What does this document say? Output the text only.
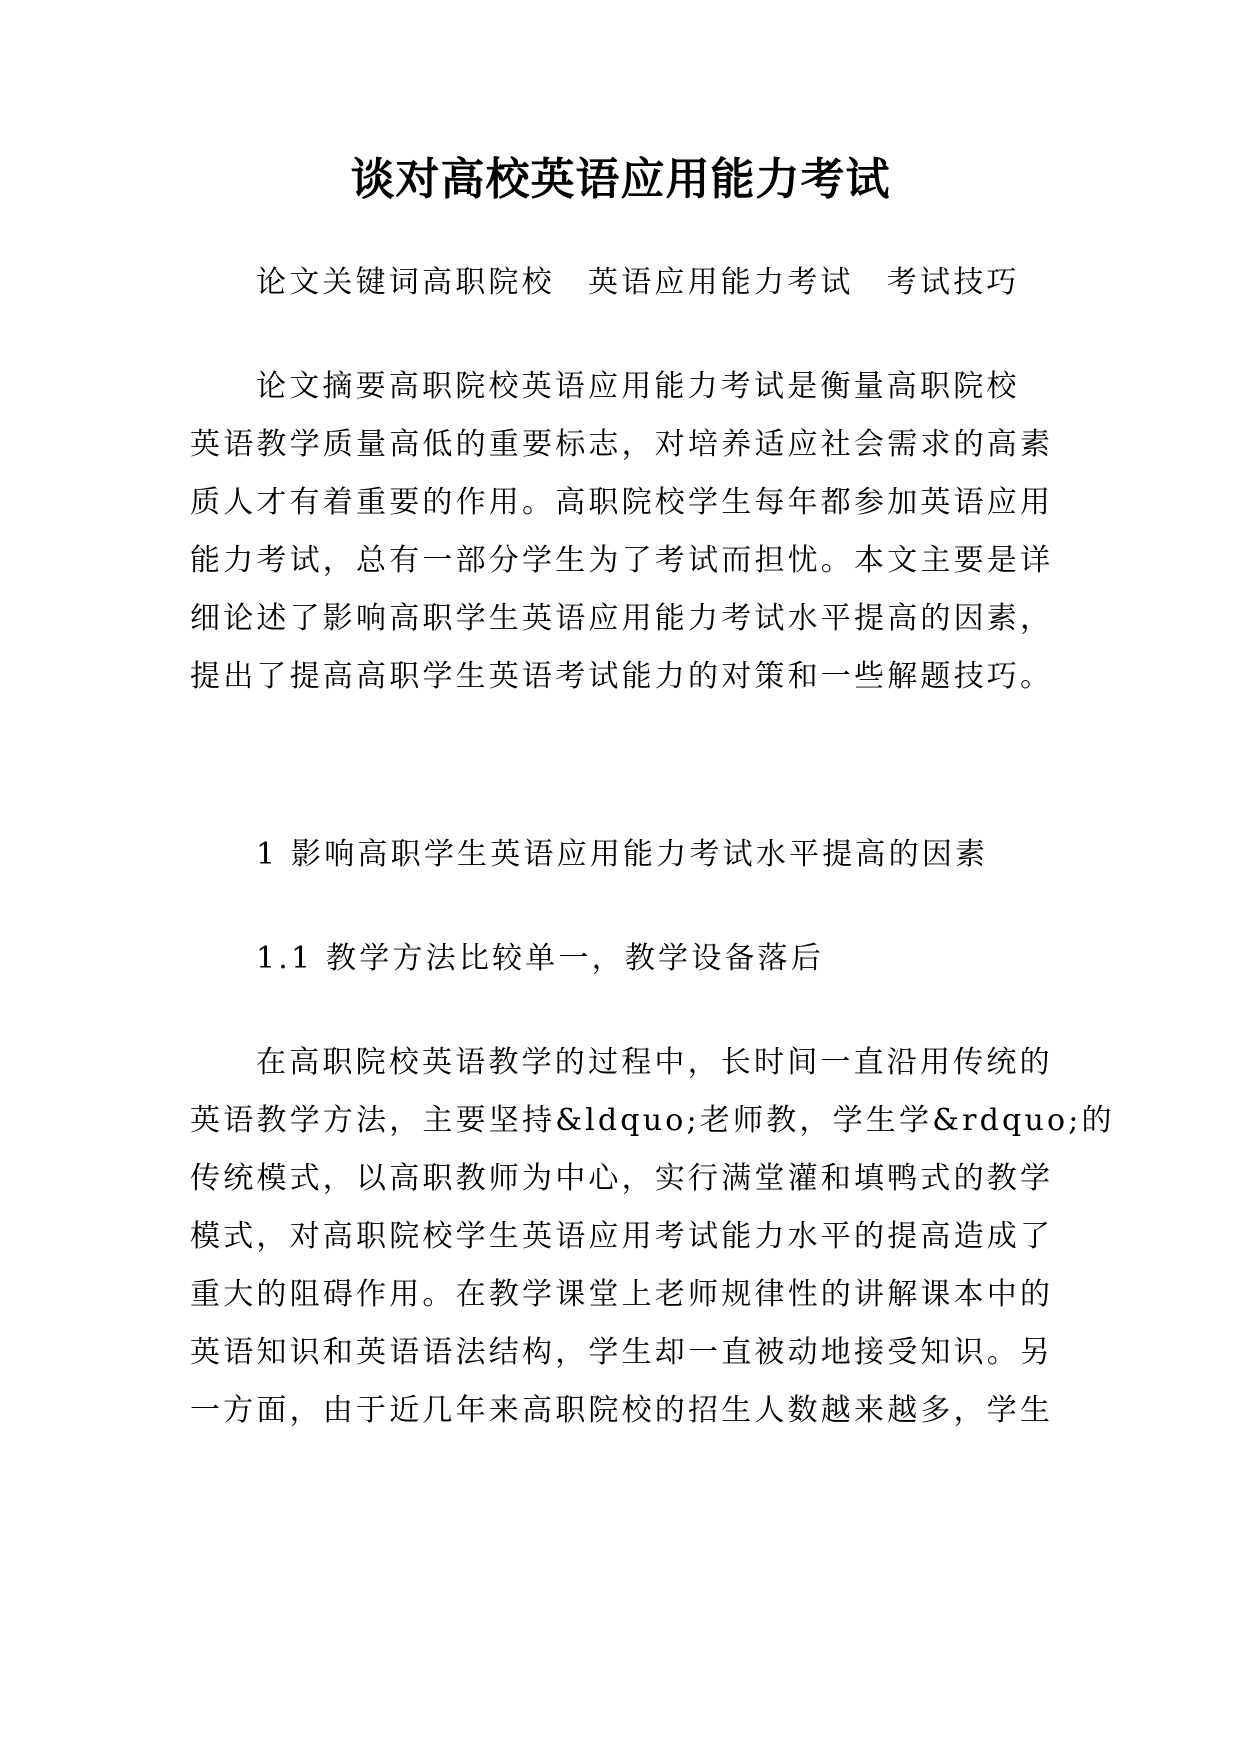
谈对高校英语应用能力考试

论文关键词高职院校　英语应用能力考试　考试技巧

论文摘要高职院校英语应用能力考试是衡量高职院校
英语教学质量高低的重要标志，对培养适应社会需求的高素
质人才有着重要的作用。高职院校学生每年都参加英语应用
能力考试，总有一部分学生为了考试而担忧。本文主要是详
细论述了影响高职学生英语应用能力考试水平提高的因素，
提出了提高高职学生英语考试能力的对策和一些解题技巧。

1 影响高职学生英语应用能力考试水平提高的因素

1.1 教学方法比较单一，教学设备落后

在高职院校英语教学的过程中，长时间一直沿用传统的
英语教学方法，主要坚持&ldquo;老师教，学生学&rdquo;的
传统模式，以高职教师为中心，实行满堂灌和填鸭式的教学
模式，对高职院校学生英语应用考试能力水平的提高造成了
重大的阻碍作用。在教学课堂上老师规律性的讲解课本中的
英语知识和英语语法结构，学生却一直被动地接受知识。另
一方面，由于近几年来高职院校的招生人数越来越多，学生
